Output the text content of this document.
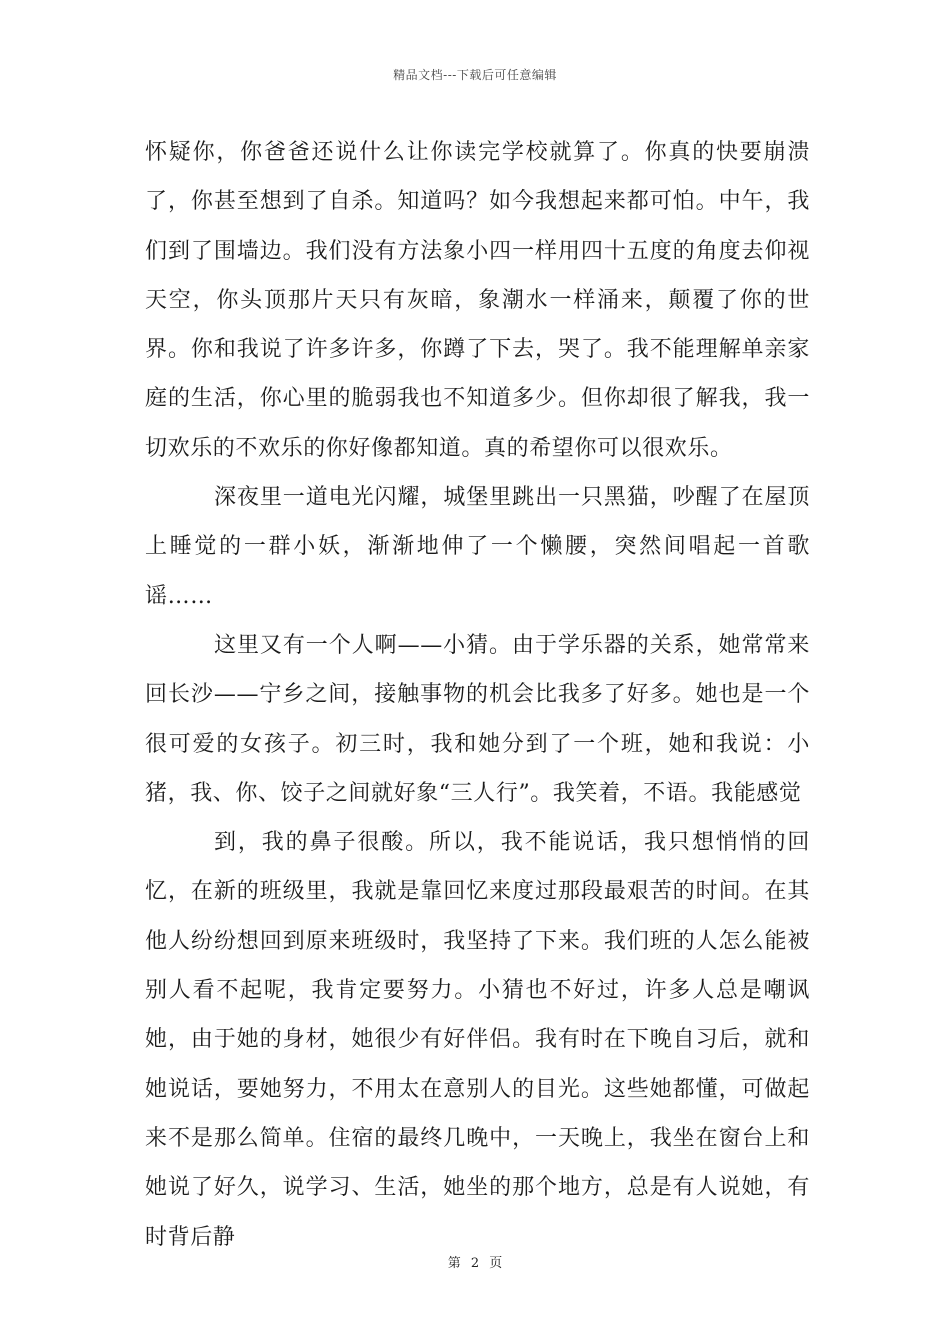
精品文档---下载后可任意编辑

怀疑你，你爸爸还说什么让你读完学校就算了。你真的快要崩溃了，你甚至想到了自杀。知道吗？如今我想起来都可怕。中午，我们到了围墙边。我们没有方法象小四一样用四十五度的角度去仰视天空，你头顶那片天只有灰暗，象潮水一样涌来，颠覆了你的世界。你和我说了许多许多，你蹲了下去，哭了。我不能理解单亲家庭的生活，你心里的脆弱我也不知道多少。但你却很了解我，我一切欢乐的不欢乐的你好像都知道。真的希望你可以很欢乐。

深夜里一道电光闪耀，城堡里跳出一只黑猫，吵醒了在屋顶上睡觉的一群小妖，渐渐地伸了一个懒腰，突然间唱起一首歌谣……

这里又有一个人啊——小猜。由于学乐器的关系，她常常来回长沙——宁乡之间，接触事物的机会比我多了好多。她也是一个很可爱的女孩子。初三时，我和她分到了一个班，她和我说：小猪，我、你、饺子之间就好象“三人行”。我笑着，不语。我能感觉

到，我的鼻子很酸。所以，我不能说话，我只想悄悄的回忆，在新的班级里，我就是靠回忆来度过那段最艰苦的时间。在其他人纷纷想回到原来班级时，我坚持了下来。我们班的人怎么能被别人看不起呢，我肯定要努力。小猜也不好过，许多人总是嘲讽她，由于她的身材，她很少有好伴侣。我有时在下晚自习后，就和她说话，要她努力，不用太在意别人的目光。这些她都懂，可做起来不是那么简单。住宿的最终几晚中，一天晚上，我坐在窗台上和她说了好久，说学习、生活，她坐的那个地方，总是有人说她，有时背后静

第 2 页
